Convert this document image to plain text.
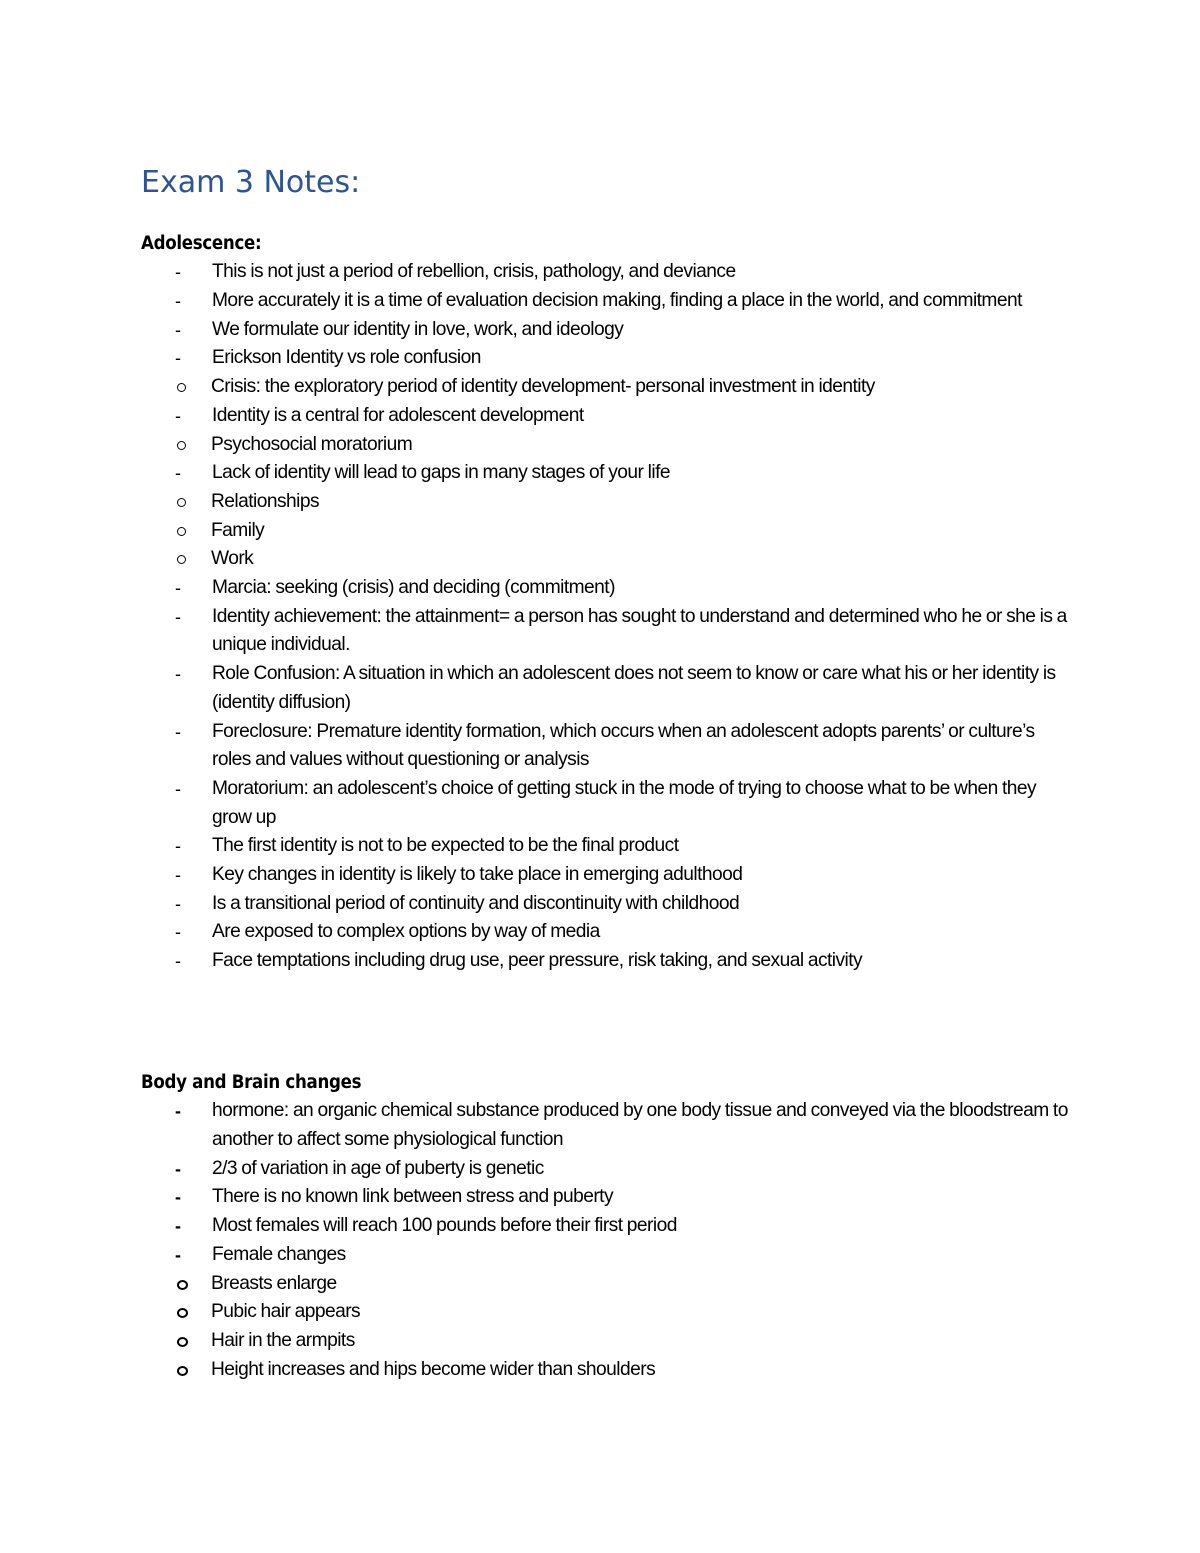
Exam 3 Notes:
Adolescence:
- This is not just a period of rebellion, crisis, pathology, and deviance
- More accurately it is a time of evaluation decision making, finding a place in the world, and commitment
- We formulate our identity in love, work, and ideology
- Erickson Identity vs role confusion
Crisis: the exploratory period of identity development- personal investment in identity
- Identity is a central for adolescent development
Psychosocial moratorium
- Lack of identity will lead to gaps in many stages of your life
Relationships
Family
Work
- Marcia: seeking (crisis) and deciding (commitment)
- Identity achievement: the attainment= a person has sought to understand and determined who he or she is a unique individual.
- Role Confusion: A situation in which an adolescent does not seem to know or care what his or her identity is (identity diffusion)
- Foreclosure: Premature identity formation, which occurs when an adolescent adopts parents’ or culture’s roles and values without questioning or analysis
- Moratorium: an adolescent’s choice of getting stuck in the mode of trying to choose what to be when they grow up
- The first identity is not to be expected to be the final product
- Key changes in identity is likely to take place in emerging adulthood
- Is a transitional period of continuity and discontinuity with childhood
- Are exposed to complex options by way of media
- Face temptations including drug use, peer pressure, risk taking, and sexual activity
Body and Brain changes
- hormone: an organic chemical substance produced by one body tissue and conveyed via the bloodstream to another to affect some physiological function
- 2/3 of variation in age of puberty is genetic
- There is no known link between stress and puberty
- Most females will reach 100 pounds before their first period
- Female changes
Breasts enlarge
Pubic hair appears
Hair in the armpits
Height increases and hips become wider than shoulders
